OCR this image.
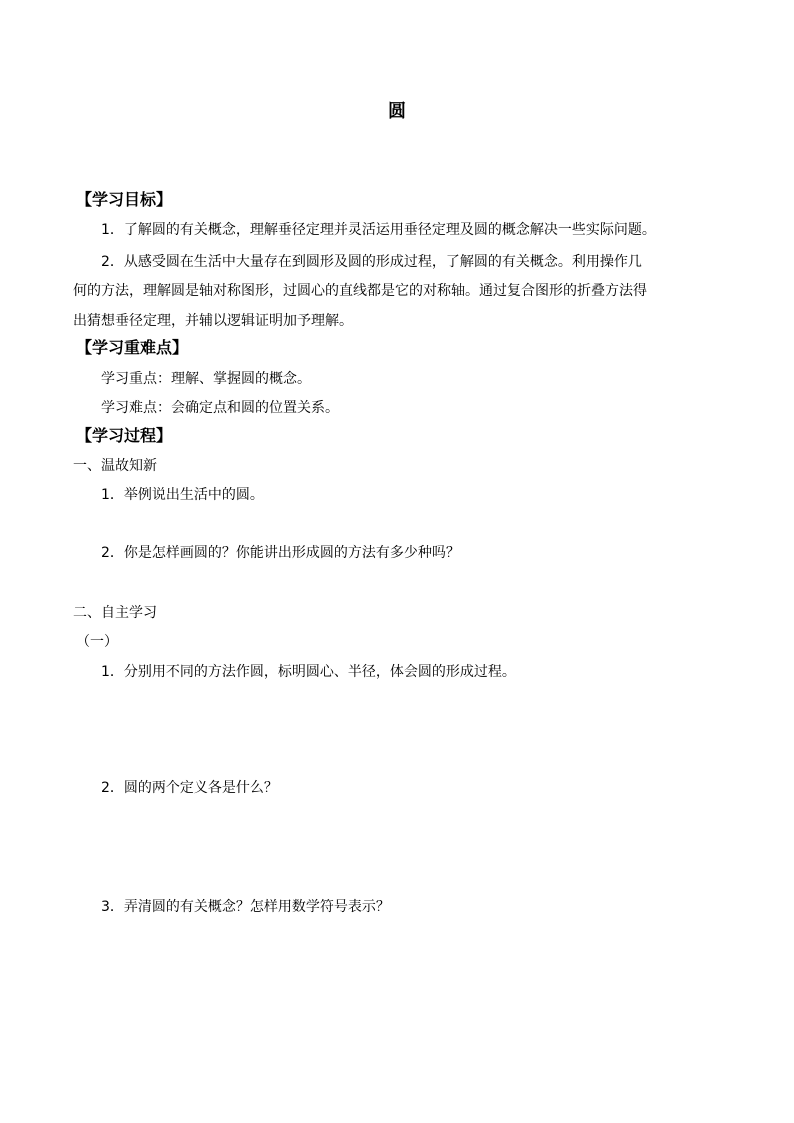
圆
【学习目标】
1．了解圆的有关概念，理解垂径定理并灵活运用垂径定理及圆的概念解决一些实际问题。
2．从感受圆在生活中大量存在到圆形及圆的形成过程，了解圆的有关概念。利用操作几
何的方法，理解圆是轴对称图形，过圆心的直线都是它的对称轴。通过复合图形的折叠方法得
出猜想垂径定理，并辅以逻辑证明加予理解。
【学习重难点】
学习重点：理解、掌握圆的概念。
学习难点：会确定点和圆的位置关系。
【学习过程】
一、温故知新
1．举例说出生活中的圆。
2．你是怎样画圆的？你能讲出形成圆的方法有多少种吗？
二、自主学习
（一）
1．分别用不同的方法作圆，标明圆心、半径，体会圆的形成过程。
2．圆的两个定义各是什么？
3．弄清圆的有关概念？怎样用数学符号表示？
